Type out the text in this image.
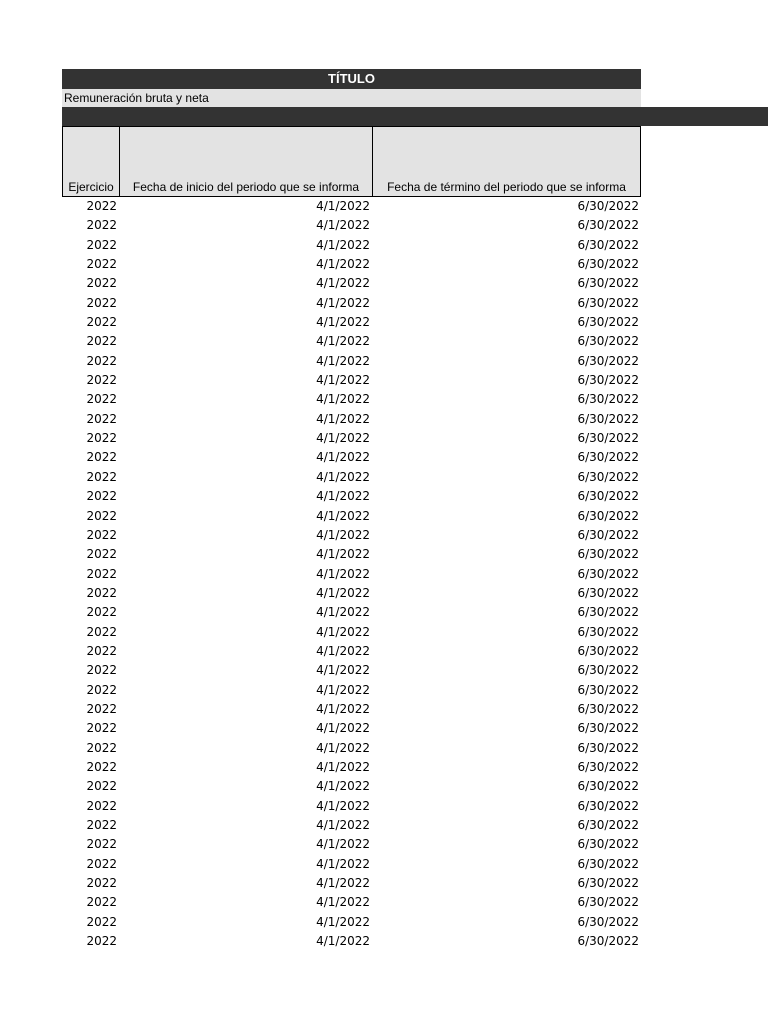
TÍTULO
Remuneración bruta y neta
Ejercicio	Fecha de inicio del periodo que se informa	Fecha de término del periodo que se informa
2022	4/1/2022	6/30/2022
2022	4/1/2022	6/30/2022
2022	4/1/2022	6/30/2022
2022	4/1/2022	6/30/2022
2022	4/1/2022	6/30/2022
2022	4/1/2022	6/30/2022
2022	4/1/2022	6/30/2022
2022	4/1/2022	6/30/2022
2022	4/1/2022	6/30/2022
2022	4/1/2022	6/30/2022
2022	4/1/2022	6/30/2022
2022	4/1/2022	6/30/2022
2022	4/1/2022	6/30/2022
2022	4/1/2022	6/30/2022
2022	4/1/2022	6/30/2022
2022	4/1/2022	6/30/2022
2022	4/1/2022	6/30/2022
2022	4/1/2022	6/30/2022
2022	4/1/2022	6/30/2022
2022	4/1/2022	6/30/2022
2022	4/1/2022	6/30/2022
2022	4/1/2022	6/30/2022
2022	4/1/2022	6/30/2022
2022	4/1/2022	6/30/2022
2022	4/1/2022	6/30/2022
2022	4/1/2022	6/30/2022
2022	4/1/2022	6/30/2022
2022	4/1/2022	6/30/2022
2022	4/1/2022	6/30/2022
2022	4/1/2022	6/30/2022
2022	4/1/2022	6/30/2022
2022	4/1/2022	6/30/2022
2022	4/1/2022	6/30/2022
2022	4/1/2022	6/30/2022
2022	4/1/2022	6/30/2022
2022	4/1/2022	6/30/2022
2022	4/1/2022	6/30/2022
2022	4/1/2022	6/30/2022
2022	4/1/2022	6/30/2022
